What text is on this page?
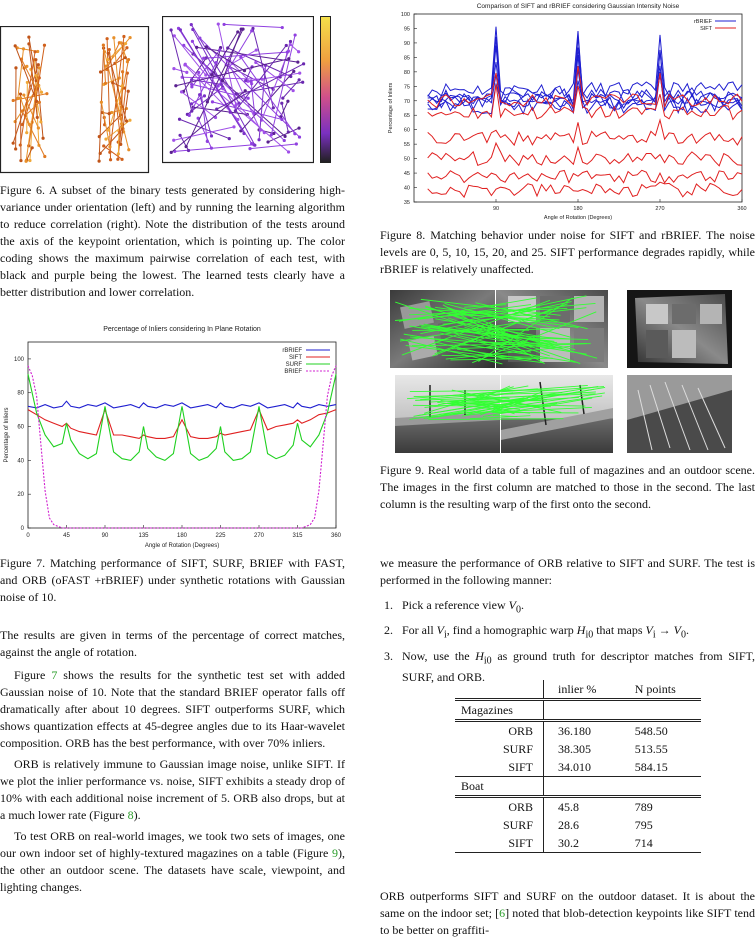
Figure 6. A subset of the binary tests generated by considering high-variance under orientation (left) and by running the learning algorithm to reduce correlation (right). Note the distribution of the tests around the axis of the keypoint orientation, which is pointing up. The color coding shows the maximum pairwise correlation of each test, with black and purple being the lowest. The learned tests clearly have a better distribution and lower correlation.
Percentage of Inliers considering In Plane Rotation
0	45	90	135	180	225	270	315	360
0
20
40
60
80
100
Angle of Rotation (Degrees)
Percentage of Inliers
rBRIEF
SIFT
SURF
BRIEF
Figure 7. Matching performance of SIFT, SURF, BRIEF with FAST, and ORB (oFAST +rBRIEF) under synthetic rotations with Gaussian noise of 10.

The results are given in terms of the percentage of correct matches, against the angle of rotation.

Figure 7 shows the results for the synthetic test set with added Gaussian noise of 10. Note that the standard BRIEF operator falls off dramatically after about 10 degrees. SIFT outperforms SURF, which shows quantization effects at 45-degree angles due to its Haar-wavelet composition. ORB has the best performance, with over 70% inliers.

ORB is relatively immune to Gaussian image noise, unlike SIFT. If we plot the inlier performance vs. noise, SIFT exhibits a steady drop of 10% with each additional noise increment of 5. ORB also drops, but at a much lower rate (Figure 8).

To test ORB on real-world images, we took two sets of images, one our own indoor set of highly-textured magazines on a table (Figure 9), the other an outdoor scene. The datasets have scale, viewpoint, and lighting changes.

Comparison of SIFT and rBRIEF considering Gaussian Intensity Noise
90	180	270	360
35
40
45
50
55
60
65
70
75
80
85
90
95
100
Angle of Rotation (Degrees)
Percentage of Inliers
rBRIEF
SIFT
Figure 8. Matching behavior under noise for SIFT and rBRIEF. The noise levels are 0, 5, 10, 15, 20, and 25. SIFT performance degrades rapidly, while rBRIEF is relatively unaffected.
Figure 9. Real world data of a table full of magazines and an outdoor scene. The images in the first column are matched to those in the second. The last column is the resulting warp of the first onto the second.

we measure the performance of ORB relative to SIFT and SURF. The test is performed in the following manner:

1. Pick a reference view $V_0$.
2. For all $V_i$, find a homographic warp $H_{i0}$ that maps $V_i \to V_0$.
3. Now, use the $H_{i0}$ as ground truth for descriptor matches from SIFT, SURF, and ORB.
	inlier %	N points
Magazines		
ORB	36.180	548.50
SURF	38.305	513.55
SIFT	34.010	584.15
Boat		
ORB	45.8	789
SURF	28.6	795
SIFT	30.2	714

ORB outperforms SIFT and SURF on the outdoor dataset. It is about the same on the indoor set; [6] noted that blob-detection keypoints like SIFT tend to be better on graffiti-
